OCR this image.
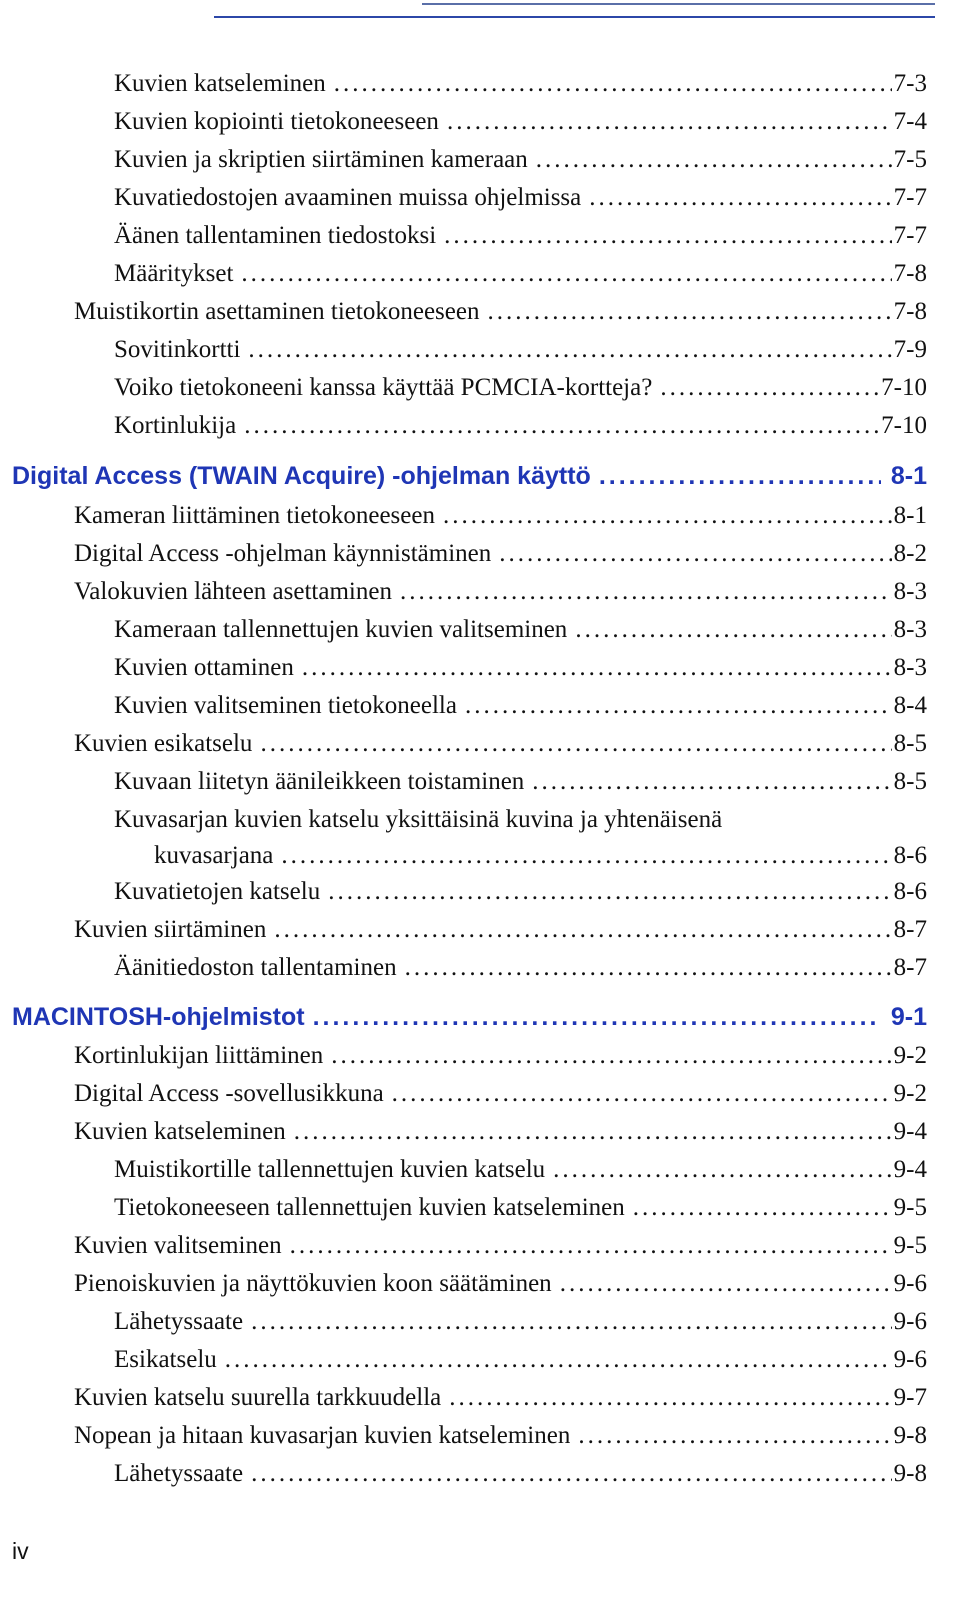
Kuvien katseleminen .....	7-3
Kuvien kopiointi tietokoneeseen .....	7-4
Kuvien ja skriptien siirtäminen kameraan .....	7-5
Kuvatiedostojen avaaminen muissa ohjelmissa .....	7-7
Äänen tallentaminen tiedostoksi .....	7-7
Määritykset .....	7-8
Muistikortin asettaminen tietokoneeseen .....	7-8
Sovitinkortti .....	7-9
Voiko tietokoneeni kanssa käyttää PCMCIA-kortteja? .....	7-10
Kortinlukija .....	7-10
Digital Access (TWAIN Acquire) -ohjelman käyttö .....	8-1
Kameran liittäminen tietokoneeseen .....	8-1
Digital Access -ohjelman käynnistäminen .....	8-2
Valokuvien lähteen asettaminen .....	8-3
Kameraan tallennettujen kuvien valitseminen .....	8-3
Kuvien ottaminen .....	8-3
Kuvien valitseminen tietokoneella .....	8-4
Kuvien esikatselu .....	8-5
Kuvaan liitetyn äänileikkeen toistaminen .....	8-5
Kuvasarjan kuvien katselu yksittäisinä kuvina ja yhtenäisenä
kuvasarjana .....	8-6
Kuvatietojen katselu .....	8-6
Kuvien siirtäminen .....	8-7
Äänitiedoston tallentaminen .....	8-7
MACINTOSH-ohjelmistot .....	9-1
Kortinlukijan liittäminen .....	9-2
Digital Access -sovellusikkuna .....	9-2
Kuvien katseleminen .....	9-4
Muistikortille tallennettujen kuvien katselu .....	9-4
Tietokoneeseen tallennettujen kuvien katseleminen .....	9-5
Kuvien valitseminen .....	9-5
Pienoiskuvien ja näyttökuvien koon säätäminen .....	9-6
Lähetyssaate .....	9-6
Esikatselu .....	9-6
Kuvien katselu suurella tarkkuudella .....	9-7
Nopean ja hitaan kuvasarjan kuvien katseleminen .....	9-8
Lähetyssaate .....	9-8
iv
